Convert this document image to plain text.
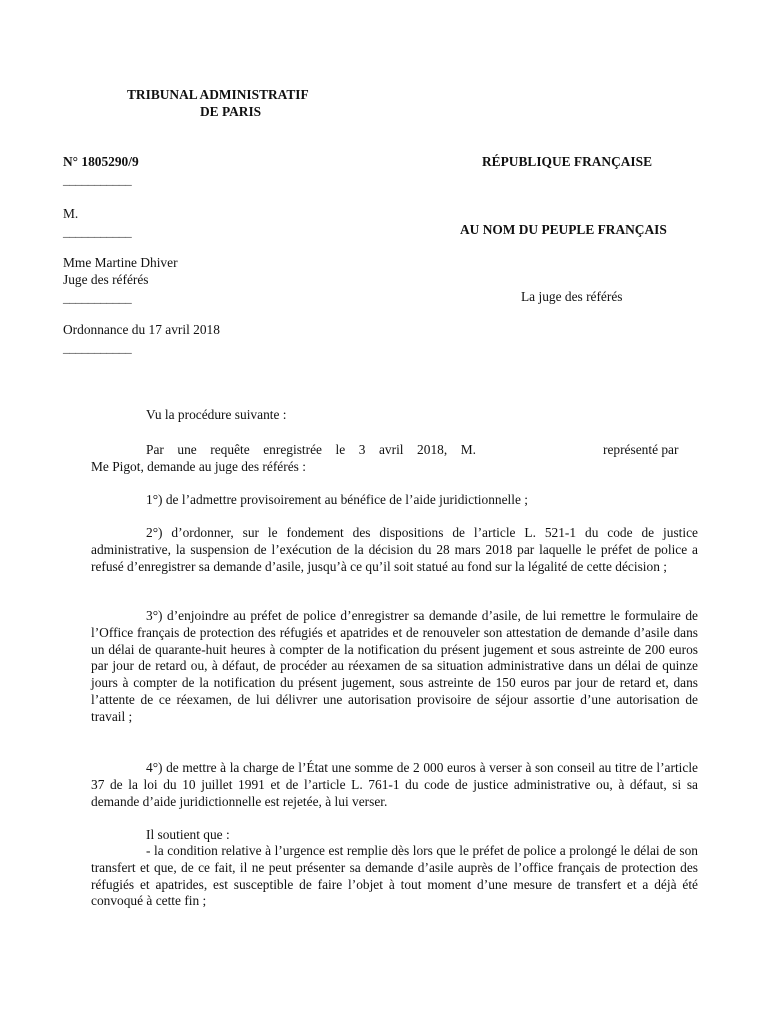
TRIBUNAL ADMINISTRATIF
DE PARIS
N° 1805290/9	RÉPUBLIQUE FRANÇAISE
___________
M.
___________	AU NOM DU PEUPLE FRANÇAIS
Mme Martine Dhiver
Juge des référés
___________	La juge des référés
Ordonnance du 17 avril 2018
___________
Vu la procédure suivante :
Par une requête enregistrée le 3 avril 2018, M.	représenté par
Me Pigot, demande au juge des référés :
1°) de l’admettre provisoirement au bénéfice de l’aide juridictionnelle ;
2°) d’ordonner, sur le fondement des dispositions de l’article L. 521-1 du code de justice administrative, la suspension de l’exécution de la décision du 28 mars 2018 par laquelle le préfet de police a refusé d’enregistrer sa demande d’asile, jusqu’à ce qu’il soit statué au fond sur la légalité de cette décision ;
3°) d’enjoindre au préfet de police d’enregistrer sa demande d’asile, de lui remettre le formulaire de l’Office français de protection des réfugiés et apatrides et de renouveler son attestation de demande d’asile dans un délai de quarante-huit heures à compter de la notification du présent jugement et sous astreinte de 200 euros par jour de retard ou, à défaut, de procéder au réexamen de sa situation administrative dans un délai de quinze jours à compter de la notification du présent jugement, sous astreinte de 150 euros par jour de retard et, dans l’attente de ce réexamen, de lui délivrer une autorisation provisoire de séjour assortie d’une autorisation de travail ;
4°) de mettre à la charge de l’État une somme de 2 000 euros à verser à son conseil au titre de l’article 37 de la loi du 10 juillet 1991 et de l’article L. 761-1 du code de justice administrative ou, à défaut, si sa demande d’aide juridictionnelle est rejetée, à lui verser.
Il soutient que :
- la condition relative à l’urgence est remplie dès lors que le préfet de police a prolongé le délai de son transfert et que, de ce fait, il ne peut présenter sa demande d’asile auprès de l’office français de protection des réfugiés et apatrides, est susceptible de faire l’objet à tout moment d’une mesure de transfert et a déjà été convoqué à cette fin ;
